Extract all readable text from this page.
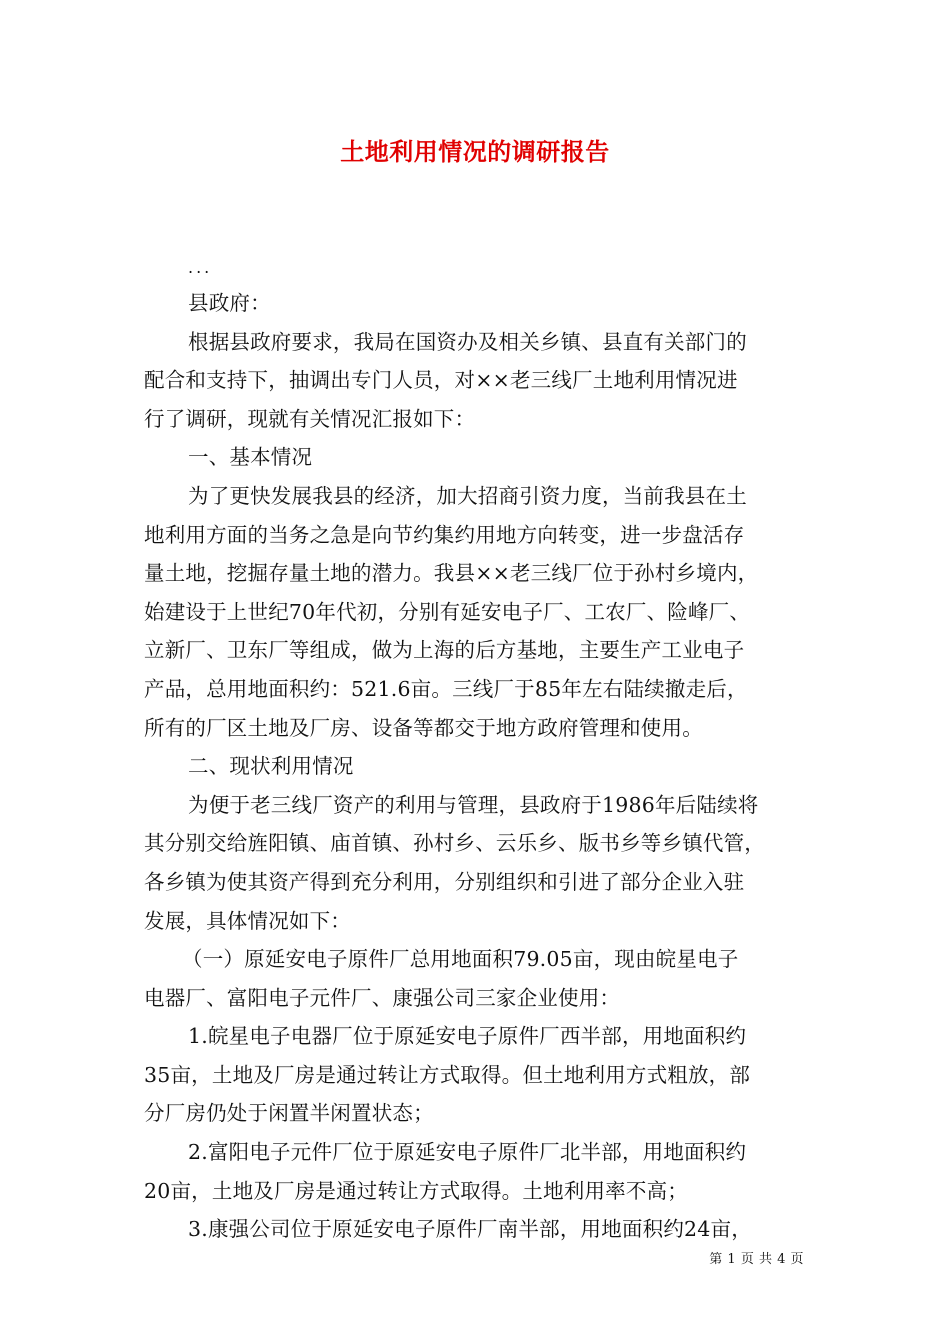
土地利用情况的调研报告
...
县政府：
根据县政府要求，我局在国资办及相关乡镇、县直有关部门的
配合和支持下，抽调出专门人员，对××老三线厂土地利用情况进
行了调研，现就有关情况汇报如下：
一、基本情况
为了更快发展我县的经济，加大招商引资力度，当前我县在土
地利用方面的当务之急是向节约集约用地方向转变，进一步盘活存
量土地，挖掘存量土地的潜力。我县××老三线厂位于孙村乡境内，
始建设于上世纪70年代初，分别有延安电子厂、工农厂、险峰厂、
立新厂、卫东厂等组成，做为上海的后方基地，主要生产工业电子
产品，总用地面积约：521.6亩。三线厂于85年左右陆续撤走后，
所有的厂区土地及厂房、设备等都交于地方政府管理和使用。
二、现状利用情况
为便于老三线厂资产的利用与管理，县政府于1986年后陆续将
其分别交给旌阳镇、庙首镇、孙村乡、云乐乡、版书乡等乡镇代管，
各乡镇为使其资产得到充分利用，分别组织和引进了部分企业入驻
发展，具体情况如下：
（一）原延安电子原件厂总用地面积79.05亩，现由皖星电子
电器厂、富阳电子元件厂、康强公司三家企业使用：
1.皖星电子电器厂位于原延安电子原件厂西半部，用地面积约
35亩，土地及厂房是通过转让方式取得。但土地利用方式粗放，部
分厂房仍处于闲置半闲置状态；
2.富阳电子元件厂位于原延安电子原件厂北半部，用地面积约
20亩，土地及厂房是通过转让方式取得。土地利用率不高；
3.康强公司位于原延安电子原件厂南半部，用地面积约24亩，
第 1 页 共 4 页
